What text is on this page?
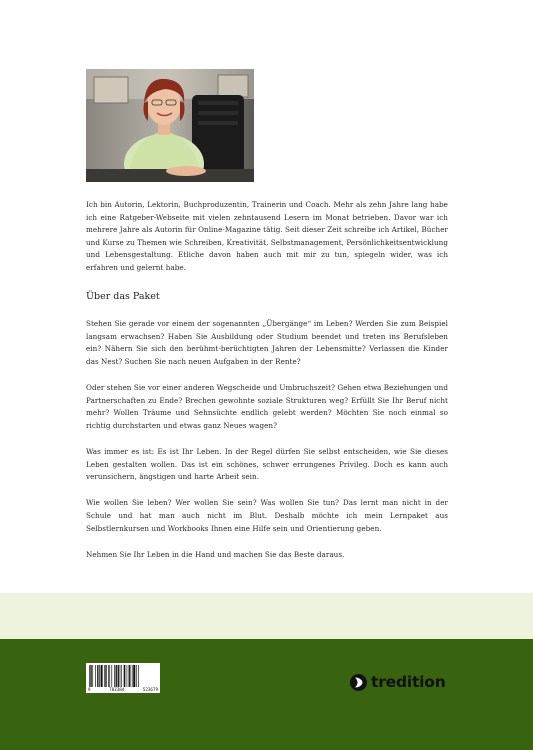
Ich bin Autorin, Lektorin, Buchproduzentin, Trainerin und Coach. Mehr als zehn Jahre lang habe ich eine Ratgeber-Webseite mit vielen zehntausend Lesern im Monat betrieben. Davor war ich mehrere Jahre als Autorin für Online-Magazine tätig. Seit dieser Zeit schreibe ich Artikel, Bücher und Kurse zu Themen wie Schreiben, Kreativität, Selbstmanagement, Persönlichkeitsentwicklung und Lebensgestaltung. Etliche davon haben auch mit mir zu tun, spiegeln wider, was ich erfahren und gelernt habe.

Über das Paket

Stehen Sie gerade vor einem der sogenannten „Übergänge“ im Leben? Werden Sie zum Beispiel langsam erwachsen? Haben Sie Ausbildung oder Studium beendet und treten ins Berufsleben ein? Nähern Sie sich den berühmt-berüchtigten Jahren der Lebensmitte? Verlassen die Kinder das Nest? Suchen Sie nach neuen Aufgaben in der Rente?

Oder stehen Sie vor einer anderen Wegscheide und Umbruchszeit? Gehen etwa Beziehungen und Partnerschaften zu Ende? Brechen gewohnte soziale Strukturen weg? Erfüllt Sie Ihr Beruf nicht mehr? Wollen Träume und Sehnsüchte endlich gelebt werden? Möchten Sie noch einmal so richtig durchstarten und etwas ganz Neues wagen?

Was immer es ist: Es ist Ihr Leben. In der Regel dürfen Sie selbst entscheiden, wie Sie dieses Leben gestalten wollen. Das ist ein schönes, schwer errungenes Privileg. Doch es kann auch verunsichern, ängstigen und harte Arbeit sein.

Wie wollen Sie leben? Wer wollen Sie sein? Was wollen Sie tun? Das lernt man nicht in der Schule und hat man auch nicht im Blut. Deshalb möchte ich mein Lernpaket aus Selbstlernkursen und Workbooks Ihnen eine Hilfe sein und Orientierung geben.

Nehmen Sie Ihr Leben in die Hand und machen Sie das Beste daraus.

9	783384	523679	tredition
